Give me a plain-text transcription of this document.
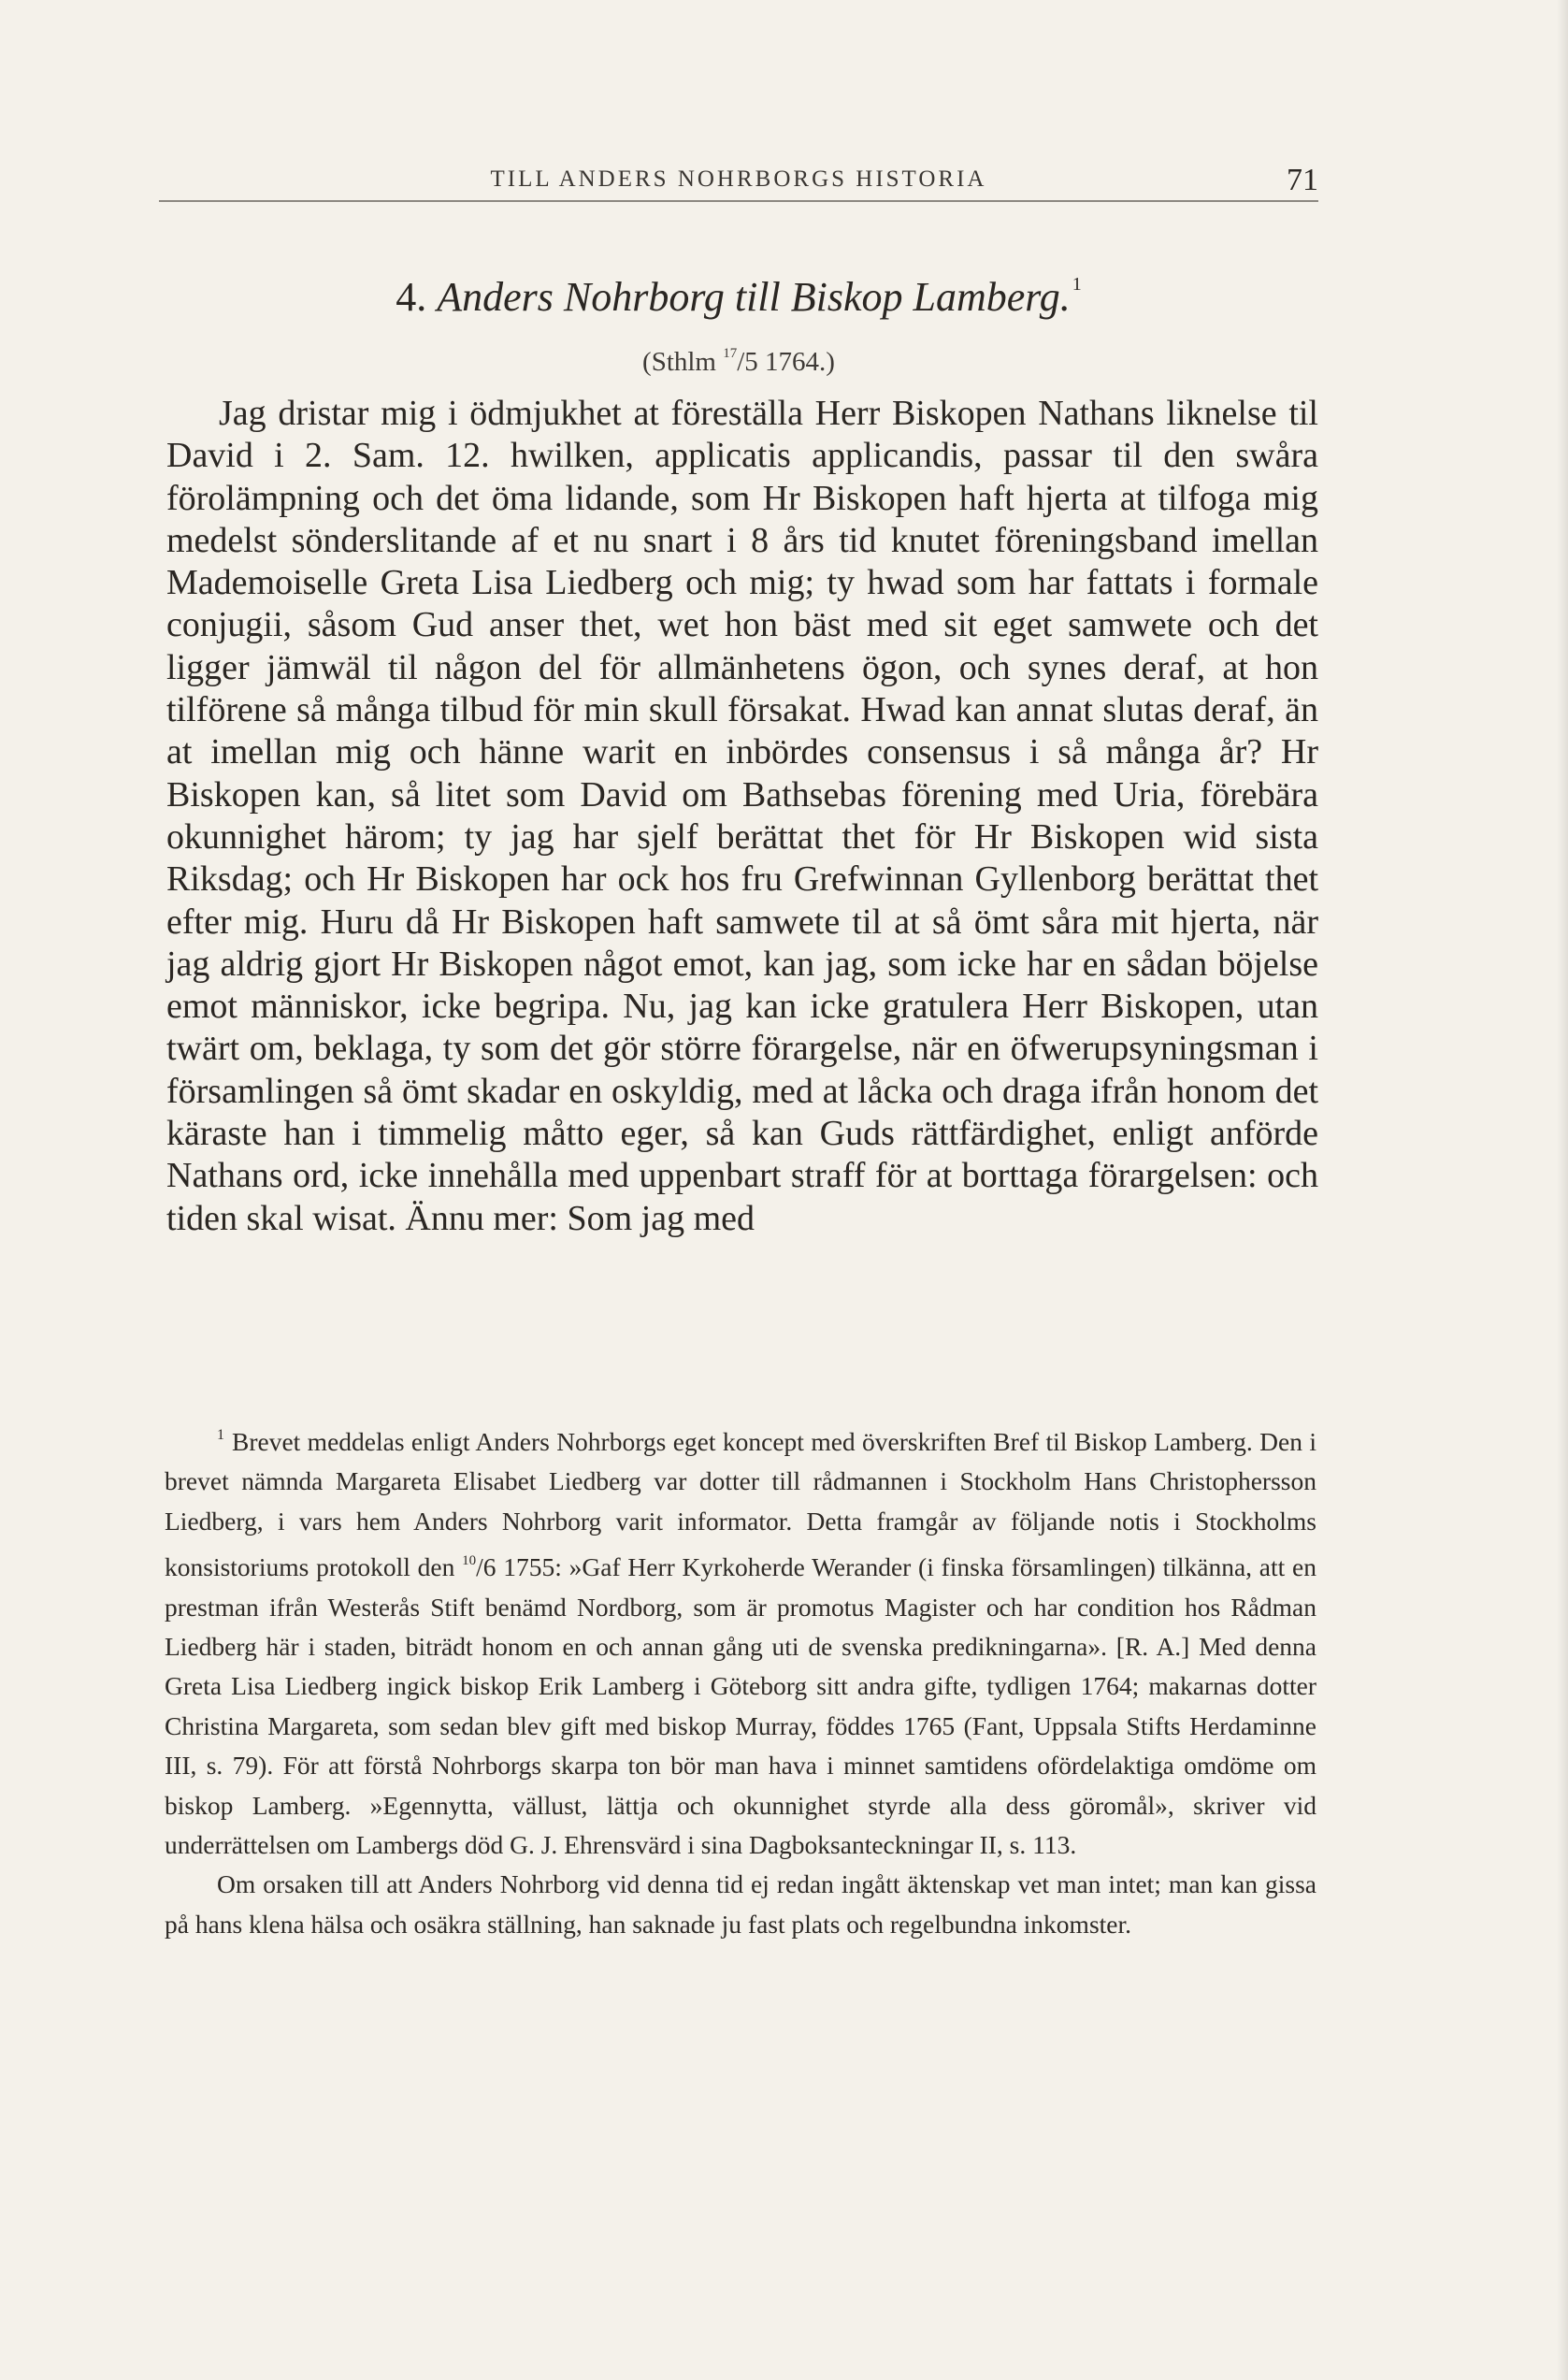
TILL ANDERS NOHRBORGS HISTORIA	71
4. Anders Nohrborg till Biskop Lamberg. $^1$
(Sthlm $^{17}$/5 1764.)

Jag dristar mig i ödmjukhet at föreställa Herr Biskopen Nathans liknelse til David i 2. Sam. 12. hwilken, applicatis applicandis, passar til den swåra förolämpning och det öma lidande, som Hr Biskopen haft hjerta at tilfoga mig medelst sönderslitande af et nu snart i 8 års tid knutet föreningsband imellan Mademoiselle Greta Lisa Liedberg och mig; ty hwad som har fattats i formale conjugii, såsom Gud anser thet, wet hon bäst med sit eget samwete och det ligger jämwäl til någon del för allmänhetens ögon, och synes deraf, at hon tilförene så många tilbud för min skull försakat. Hwad kan annat slutas deraf, än at imellan mig och hänne warit en inbördes consensus i så många år? Hr Biskopen kan, så litet som David om Bathsebas förening med Uria, förebära okunnighet härom; ty jag har sjelf berättat thet för Hr Biskopen wid sista Riksdag; och Hr Biskopen har ock hos fru Grefwinnan Gyllenborg berättat thet efter mig. Huru då Hr Biskopen haft samwete til at så ömt såra mit hjerta, när jag aldrig gjort Hr Biskopen något emot, kan jag, som icke har en sådan böjelse emot människor, icke begripa. Nu, jag kan icke gratulera Herr Biskopen, utan twärt om, beklaga, ty som det gör större förargelse, när en öfwerupsyningsman i församlingen så ömt skadar en oskyldig, med at låcka och draga ifrån honom det käraste han i timmelig måtto eger, så kan Guds rättfärdighet, enligt anförde Nathans ord, icke innehålla med uppenbart straff för at borttaga förargelsen: och tiden skal wisat. Ännu mer: Som jag med

$^1$ Brevet meddelas enligt Anders Nohrborgs eget koncept med överskriften Bref til Biskop Lamberg. Den i brevet nämnda Margareta Elisabet Liedberg var dotter till rådmannen i Stockholm Hans Christophersson Liedberg, i vars hem Anders Nohrborg varit informator. Detta framgår av följande notis i Stockholms konsistoriums protokoll den $^{10}$/6 1755: »Gaf Herr Kyrkoherde Werander (i finska församlingen) tilkänna, att en prestman ifrån Westerås Stift benämd Nordborg, som är promotus Magister och har condition hos Rådman Liedberg här i staden, biträdt honom en och annan gång uti de svenska predikningarna». [R. A.] Med denna Greta Lisa Liedberg ingick biskop Erik Lamberg i Göteborg sitt andra gifte, tydligen 1764; makarnas dotter Christina Margareta, som sedan blev gift med biskop Murray, föddes 1765 (Fant, Uppsala Stifts Herdaminne III, s. 79). För att förstå Nohrborgs skarpa ton bör man hava i minnet samtidens ofördelaktiga omdöme om biskop Lamberg. »Egennytta, vällust, lättja och okunnighet styrde alla dess göromål», skriver vid underrättelsen om Lambergs död G. J. Ehrensvärd i sina Dagboksanteckningar II, s. 113.

Om orsaken till att Anders Nohrborg vid denna tid ej redan ingått äktenskap vet man intet; man kan gissa på hans klena hälsa och osäkra ställning, han saknade ju fast plats och regelbundna inkomster.
